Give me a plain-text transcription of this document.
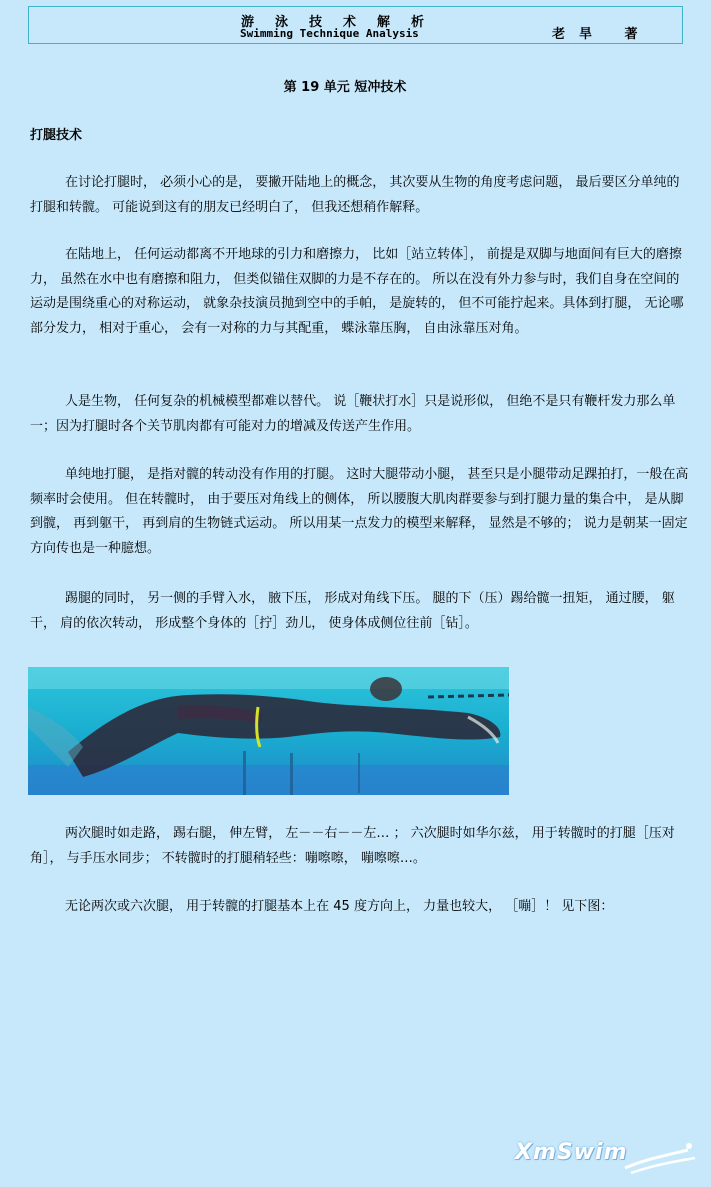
游泳技术解析
Swimming Technique Analysis	老旱 著
第 19 单元 短冲技术
打腿技术

在讨论打腿时， 必须小心的是， 要撇开陆地上的概念， 其次要从生物的角度考虑问题， 最后要区分单纯的打腿和转髋。 可能说到这有的朋友已经明白了， 但我还想稍作解释。

在陆地上， 任何运动都离不开地球的引力和磨擦力， 比如［站立转体］， 前提是双脚与地面间有巨大的磨擦力， 虽然在水中也有磨擦和阻力， 但类似锚住双脚的力是不存在的。 所以在没有外力参与时，我们自身在空间的运动是围绕重心的对称运动， 就象杂技演员抛到空中的手帕， 是旋转的， 但不可能拧起来。具体到打腿， 无论哪部分发力， 相对于重心， 会有一对称的力与其配重， 蝶泳靠压胸， 自由泳靠压对角。

人是生物， 任何复杂的机械模型都难以替代。 说［鞭状打水］只是说形似， 但绝不是只有鞭杆发力那么单一；因为打腿时各个关节肌肉都有可能对力的增减及传送产生作用。

单纯地打腿， 是指对髋的转动没有作用的打腿。 这时大腿带动小腿， 甚至只是小腿带动足踝拍打，一般在高频率时会使用。 但在转髋时， 由于要压对角线上的侧体， 所以腰腹大肌肉群要参与到打腿力量的集合中， 是从脚到髋， 再到躯干， 再到肩的生物链式运动。 所以用某一点发力的模型来解释， 显然是不够的； 说力是朝某一固定方向传也是一种臆想。

踢腿的同时， 另一侧的手臂入水， 腋下压， 形成对角线下压。 腿的下（压）踢给髋一扭矩， 通过腰， 躯干， 肩的依次转动， 形成整个身体的［拧］劲儿， 使身体成侧位往前［钻］。

两次腿时如走路， 踢右腿， 伸左臂， 左－－右－－左… ； 六次腿时如华尔兹， 用于转髋时的打腿［压对角］， 与手压水同步； 不转髋时的打腿稍轻些：嘣嚓嚓， 嘣嚓嚓…。

无论两次或六次腿， 用于转髋的打腿基本上在 45 度方向上， 力量也较大， ［嘣］！ 见下图：

XmSwim
